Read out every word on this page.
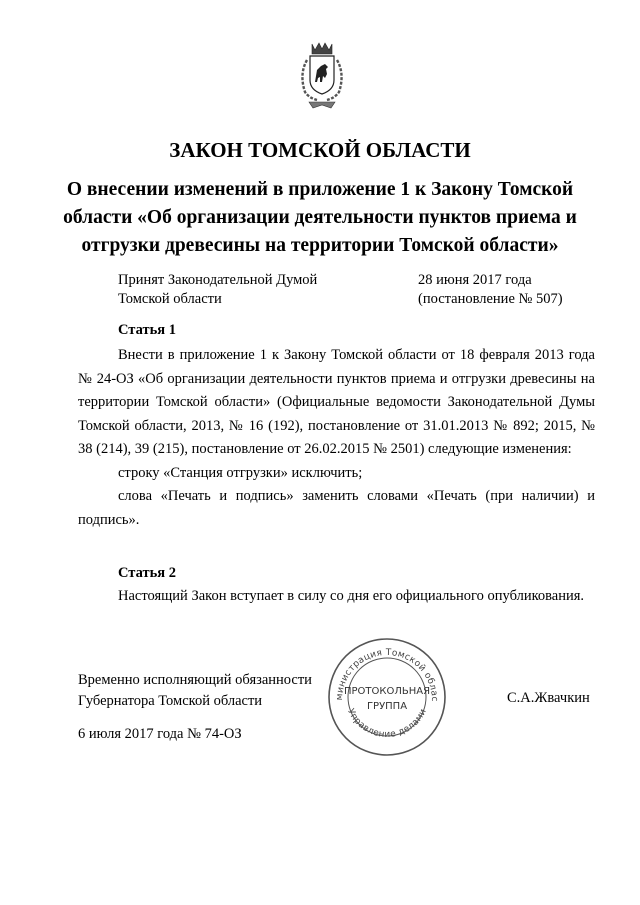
ЗАКОН ТОМСКОЙ ОБЛАСТИ
О внесении изменений в приложение 1 к Закону Томской
области «Об организации деятельности пунктов приема и
отгрузки древесины на территории Томской области»
Принят Законодательной Думой
Томской области
28 июня 2017 года
(постановление № 507)
Статья 1

Внести в приложение 1 к Закону Томской области от 18 февраля 2013 года № 24-ОЗ «Об организации деятельности пунктов приема и отгрузки древесины на территории Томской области» (Официальные ведомости Законодательной Думы Томской области, 2013, № 16 (192), постановление от 31.01.2013 № 892; 2015, № 38 (214), 39 (215), постановление от 26.02.2015 № 2501) следующие изменения:

строку «Станция отгрузки» исключить;

слова «Печать и подпись» заменить словами «Печать (при наличии) и подпись».

Статья 2

Настоящий Закон вступает в силу со дня его официального опубликования.

Временно исполняющий обязанности
Губернатора Томской области	С.А.Жвачкин
6 июля 2017 года № 74-ОЗ
министрация Томской облас
Управление делами
ПРОТОКОЛЬНАЯ
ГРУППА
